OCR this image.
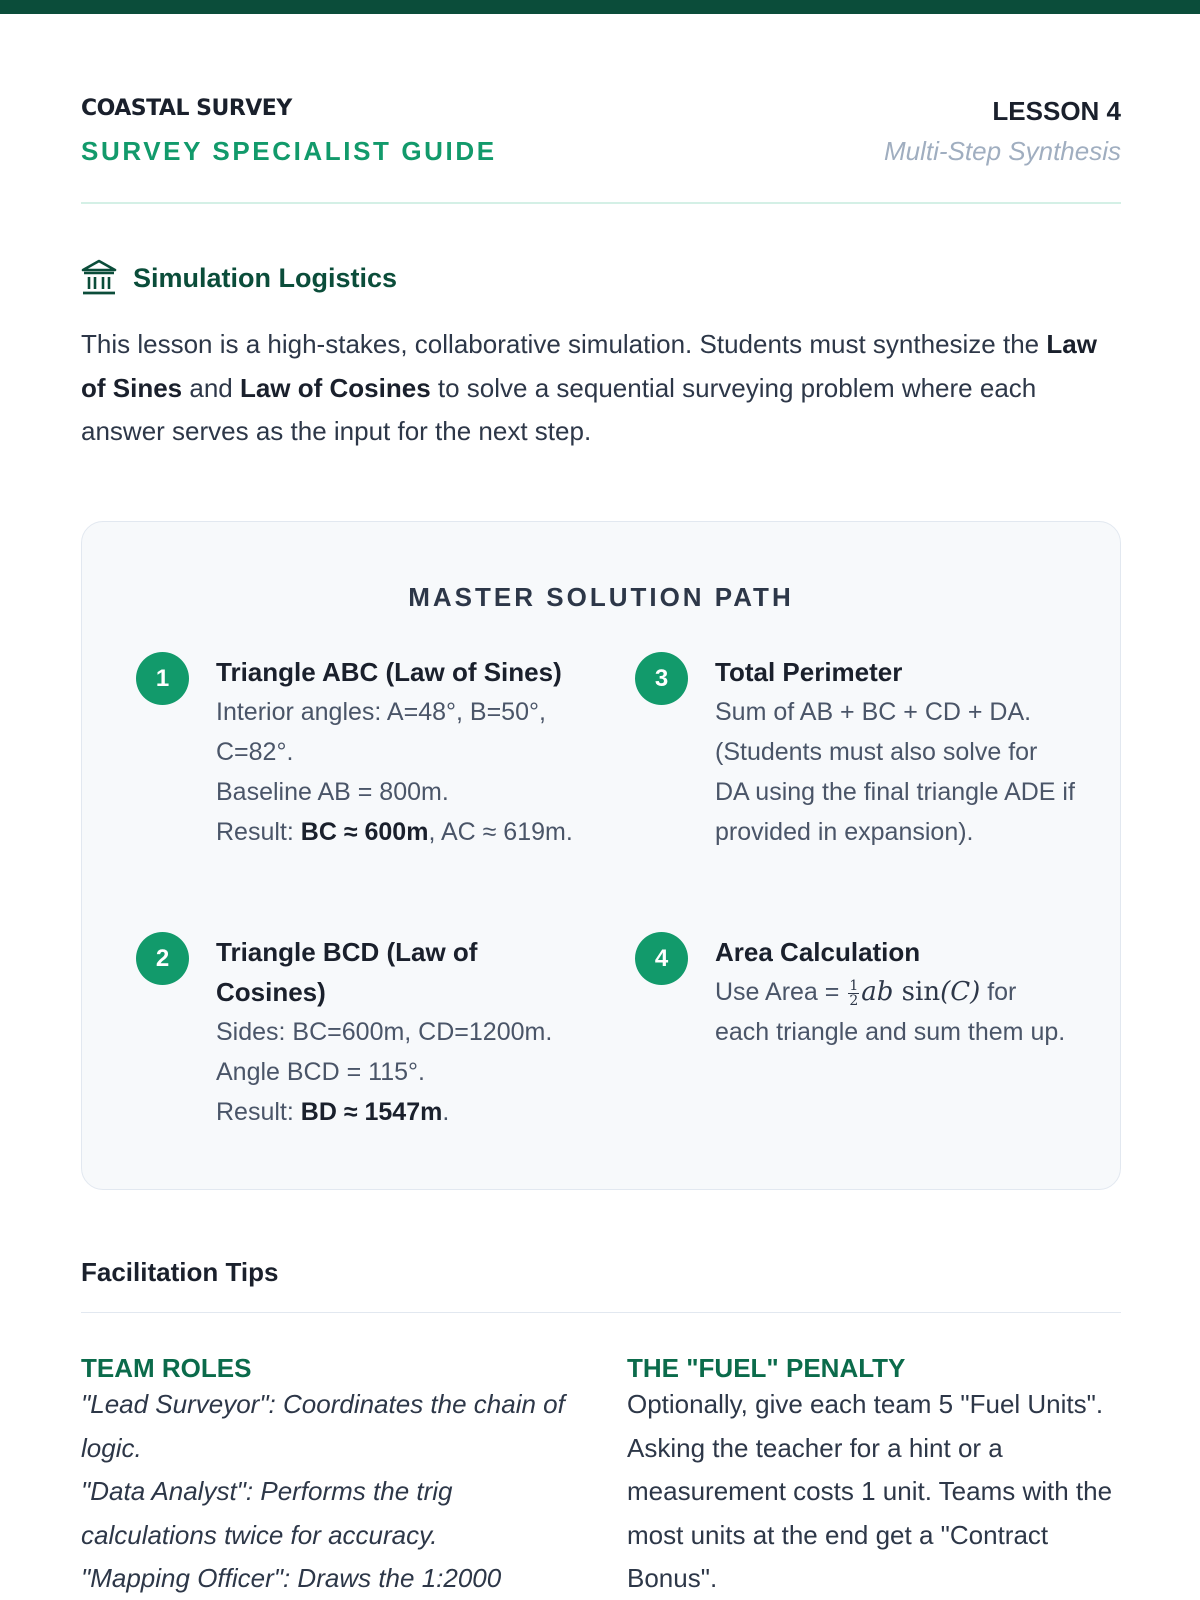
COASTAL SURVEY
SURVEY SPECIALIST GUIDE
LESSON 4
Multi-Step Synthesis
Simulation Logistics

This lesson is a high-stakes, collaborative simulation. Students must synthesize the Law of Sines and Law of Cosines to solve a sequential surveying problem where each answer serves as the input for the next step.

MASTER SOLUTION PATH
1	Triangle ABC (Law of Sines)
Interior angles: A=48°, B=50°, C=82°.
Baseline AB = 800m.
Result: BC ≈ 600m, AC ≈ 619m.
2	Triangle BCD (Law of Cosines)
Sides: BC=600m, CD=1200m.
Angle BCD = 115°.
Result: BD ≈ 1547m.
3	Total Perimeter
Sum of AB + BC + CD + DA. (Students must also solve for DA using the final triangle ADE if provided in expansion).
4	Area Calculation
Use Area = $\frac{1}{2}$ ab sin(C) for each triangle and sum them up.
Facilitation Tips
TEAM ROLES
"Lead Surveyor": Coordinates the chain of logic.
"Data Analyst": Performs the trig calculations twice for accuracy.
"Mapping Officer": Draws the 1:2000
THE "FUEL" PENALTY
Optionally, give each team 5 "Fuel Units". Asking the teacher for a hint or a measurement costs 1 unit. Teams with the most units at the end get a "Contract Bonus".
